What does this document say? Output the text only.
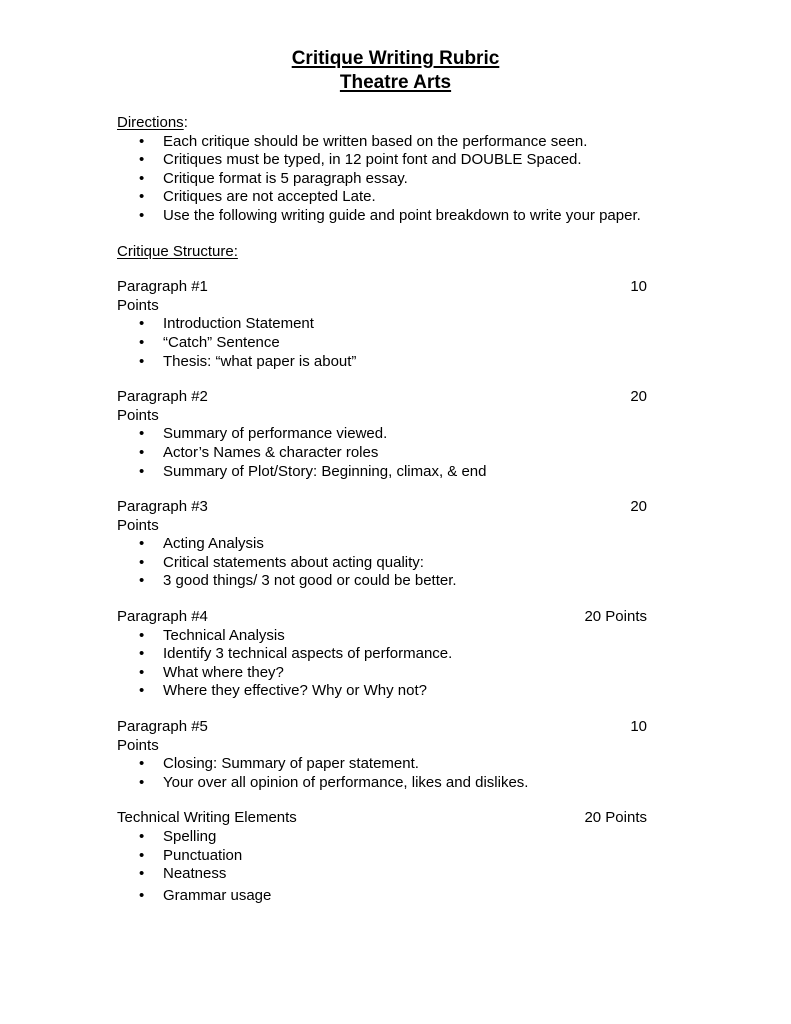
Critique Writing Rubric
Theatre Arts
Directions:
• Each critique should be written based on the performance seen.
• Critiques must be typed, in 12 point font and DOUBLE Spaced.
• Critique format is 5 paragraph essay.
• Critiques are not accepted Late.
• Use the following writing guide and point breakdown to write your paper.
Critique Structure:
Paragraph #1	10
Points
• Introduction Statement
• “Catch” Sentence
• Thesis: “what paper is about”
Paragraph #2	20
Points
• Summary of performance viewed.
• Actor’s Names & character roles
• Summary of Plot/Story: Beginning, climax, & end
Paragraph #3	20
Points
• Acting Analysis
• Critical statements about acting quality:
• 3 good things/ 3 not good or could be better.
Paragraph #4	20 Points
• Technical Analysis
• Identify 3 technical aspects of performance.
• What where they?
• Where they effective? Why or Why not?
Paragraph #5	10
Points
• Closing: Summary of paper statement.
• Your over all opinion of performance, likes and dislikes.
Technical Writing Elements	20 Points
• Spelling
• Punctuation
• Neatness
• Grammar usage
